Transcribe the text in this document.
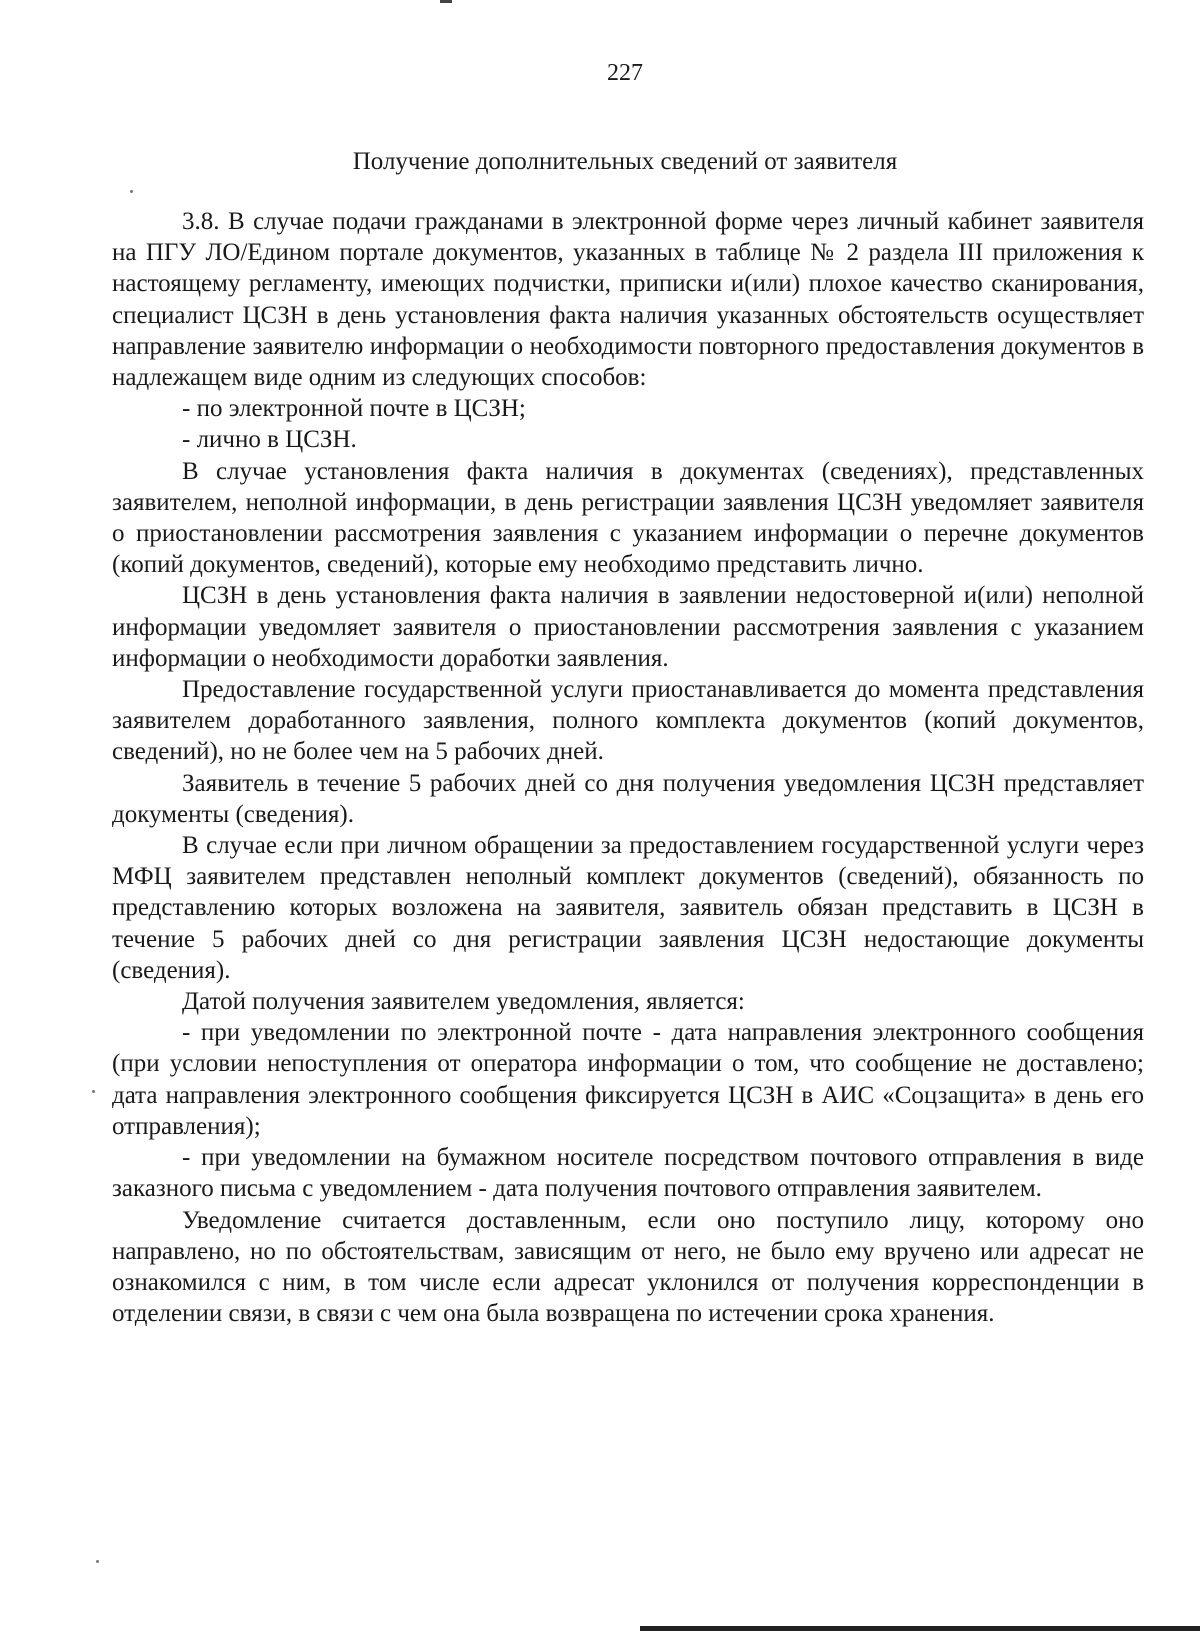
227
Получение дополнительных сведений от заявителя

3.8. В случае подачи гражданами в электронной форме через личный кабинет заявителя на ПГУ ЛО/Едином портале документов, указанных в таблице № 2 раздела III приложения к настоящему регламенту, имеющих подчистки, приписки и(или) плохое качество сканирования, специалист ЦСЗН в день установления факта наличия указанных обстоятельств осуществляет направление заявителю информации о необходимости повторного предоставления документов в надлежащем виде одним из следующих способов:

- по электронной почте в ЦСЗН;

- лично в ЦСЗН.

В случае установления факта наличия в документах (сведениях), представленных заявителем, неполной информации, в день регистрации заявления ЦСЗН уведомляет заявителя о приостановлении рассмотрения заявления с указанием информации о перечне документов (копий документов, сведений), которые ему необходимо представить лично.

ЦСЗН в день установления факта наличия в заявлении недостоверной и(или) неполной информации уведомляет заявителя о приостановлении рассмотрения заявления с указанием информации о необходимости доработки заявления.

Предоставление государственной услуги приостанавливается до момента представления заявителем доработанного заявления, полного комплекта документов (копий документов, сведений), но не более чем на 5 рабочих дней.

Заявитель в течение 5 рабочих дней со дня получения уведомления ЦСЗН представляет документы (сведения).

В случае если при личном обращении за предоставлением государственной услуги через МФЦ заявителем представлен неполный комплект документов (сведений), обязанность по представлению которых возложена на заявителя, заявитель обязан представить в ЦСЗН в течение 5 рабочих дней со дня регистрации заявления ЦСЗН недостающие документы (сведения).

Датой получения заявителем уведомления, является:

- при уведомлении по электронной почте - дата направления электронного сообщения (при условии непоступления от оператора информации о том, что сообщение не доставлено; дата направления электронного сообщения фиксируется ЦСЗН в АИС «Соцзащита» в день его отправления);

- при уведомлении на бумажном носителе посредством почтового отправления в виде заказного письма с уведомлением - дата получения почтового отправления заявителем.

Уведомление считается доставленным, если оно поступило лицу, которому оно направлено, но по обстоятельствам, зависящим от него, не было ему вручено или адресат не ознакомился с ним, в том числе если адресат уклонился от получения корреспонденции в отделении связи, в связи с чем она была возвращена по истечении срока хранения.
